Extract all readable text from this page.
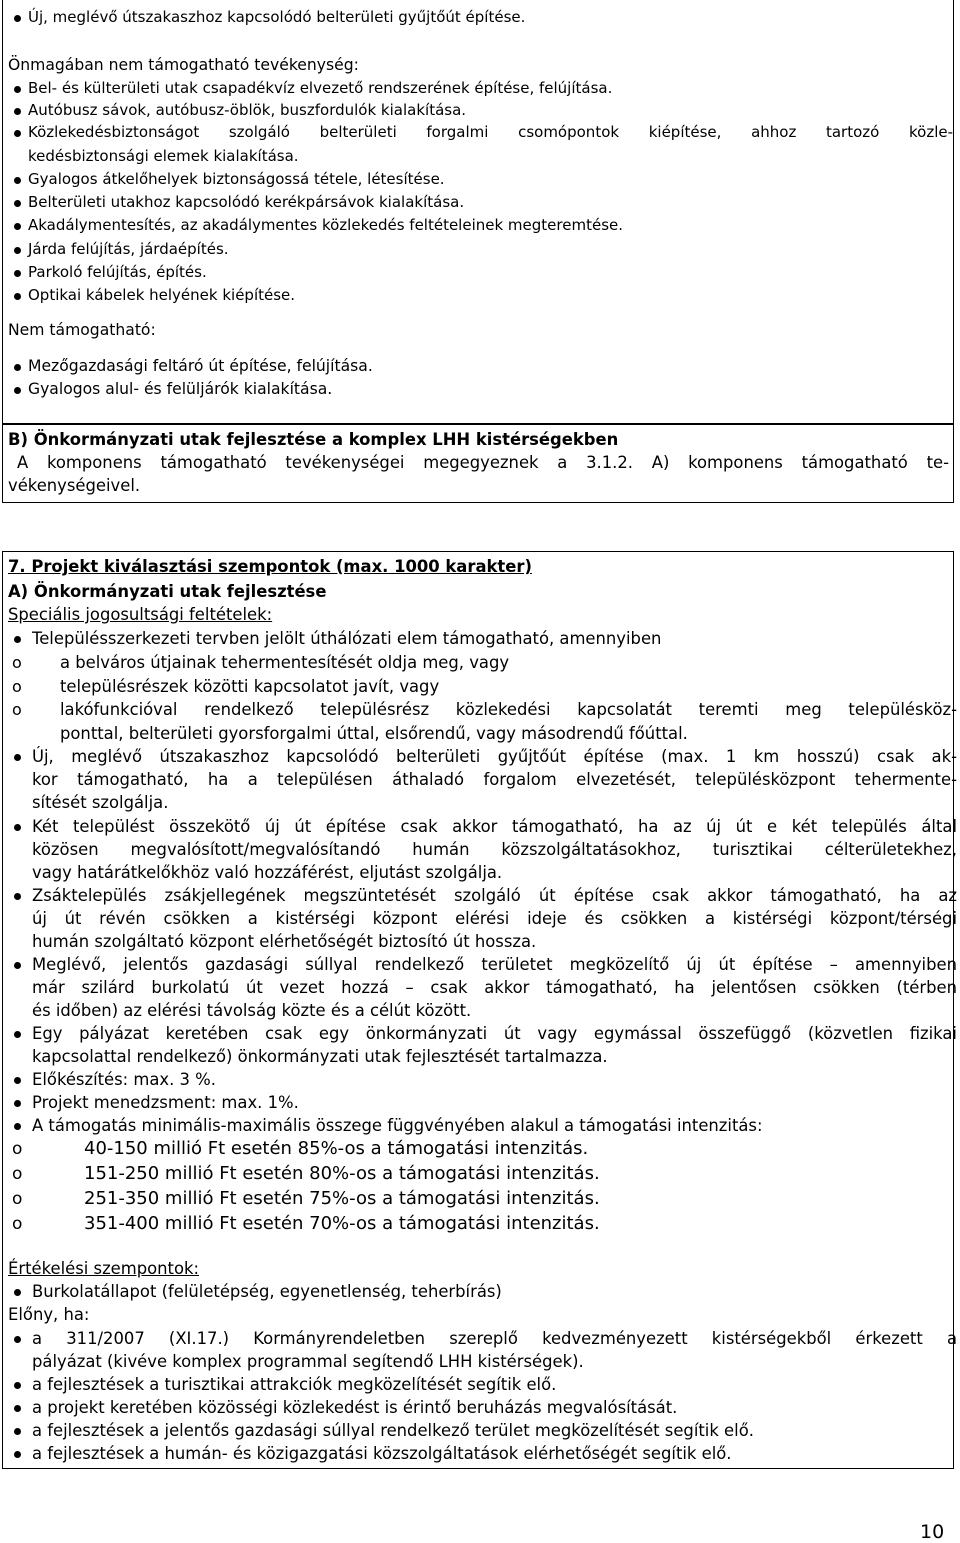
Új, meglévő útszakaszhoz kapcsolódó belterületi gyűjtőút építése.
Önmagában nem támogatható tevékenység:
Bel- és külterületi utak csapadékvíz elvezető rendszerének építése, felújítása.
Autóbusz sávok, autóbusz-öblök, buszfordulók kialakítása.
Közlekedésbiztonságot szolgáló belterületi forgalmi csomópontok kiépítése, ahhoz tartozó közle-
kedésbiztonsági elemek kialakítása.
Gyalogos átkelőhelyek biztonságossá tétele, létesítése.
Belterületi utakhoz kapcsolódó kerékpársávok kialakítása.
Akadálymentesítés, az akadálymentes közlekedés feltételeinek megteremtése.
Járda felújítás, járdaépítés.
Parkoló felújítás, építés.
Optikai kábelek helyének kiépítése.
Nem támogatható:
Mezőgazdasági feltáró út építése, felújítása.
Gyalogos alul- és felüljárók kialakítása.
B) Önkormányzati utak fejlesztése a komplex LHH kistérségekben
A komponens támogatható tevékenységei megegyeznek a 3.1.2. A) komponens támogatható te-
vékenységeivel.
7. Projekt kiválasztási szempontok (max. 1000 karakter)
A) Önkormányzati utak fejlesztése
Speciális jogosultsági feltételek:
Településszerkezeti tervben jelölt úthálózati elem támogatható, amennyiben
o a belváros útjainak tehermentesítését oldja meg, vagy
o településrészek közötti kapcsolatot javít, vagy
o lakófunkcióval rendelkező településrész közlekedési kapcsolatát teremti meg településköz-
ponttal, belterületi gyorsforgalmi úttal, elsőrendű, vagy másodrendű főúttal.
Új, meglévő útszakaszhoz kapcsolódó belterületi gyűjtőút építése (max. 1 km hosszú) csak ak-
kor támogatható, ha a településen áthaladó forgalom elvezetését, településközpont tehermente-
sítését szolgálja.
Két települést összekötő új út építése csak akkor támogatható, ha az új út e két település által
közösen megvalósított/megvalósítandó humán közszolgáltatásokhoz, turisztikai célterületekhez,
vagy határátkelőkhöz való hozzáférést, eljutást szolgálja.
Zsáktelepülés zsákjellegének megszüntetését szolgáló út építése csak akkor támogatható, ha az
új út révén csökken a kistérségi központ elérési ideje és csökken a kistérségi központ/térségi
humán szolgáltató központ elérhetőségét biztosító út hossza.
Meglévő, jelentős gazdasági súllyal rendelkező területet megközelítő új út építése – amennyiben
már szilárd burkolatú út vezet hozzá – csak akkor támogatható, ha jelentősen csökken (térben
és időben) az elérési távolság közte és a célút között.
Egy pályázat keretében csak egy önkormányzati út vagy egymással összefüggő (közvetlen fizikai
kapcsolattal rendelkező) önkormányzati utak fejlesztését tartalmazza.
Előkészítés: max. 3 %.
Projekt menedzsment: max. 1%.
A támogatás minimális-maximális összege függvényében alakul a támogatási intenzitás:
o	40-150 millió Ft esetén 85%-os a támogatási intenzitás.
o	151-250 millió Ft esetén 80%-os a támogatási intenzitás.
o	251-350 millió Ft esetén 75%-os a támogatási intenzitás.
o	351-400 millió Ft esetén 70%-os a támogatási intenzitás.
Értékelési szempontok:
Burkolatállapot (felületépség, egyenetlenség, teherbírás)
Előny, ha:
a 311/2007 (XI.17.) Kormányrendeletben szereplő kedvezményezett kistérségekből érkezett a
pályázat (kivéve komplex programmal segítendő LHH kistérségek).
a fejlesztések a turisztikai attrakciók megközelítését segítik elő.
a projekt keretében közösségi közlekedést is érintő beruházás megvalósítását.
a fejlesztések a jelentős gazdasági súllyal rendelkező terület megközelítését segítik elő.
a fejlesztések a humán- és közigazgatási közszolgáltatások elérhetőségét segítik elő.
10
